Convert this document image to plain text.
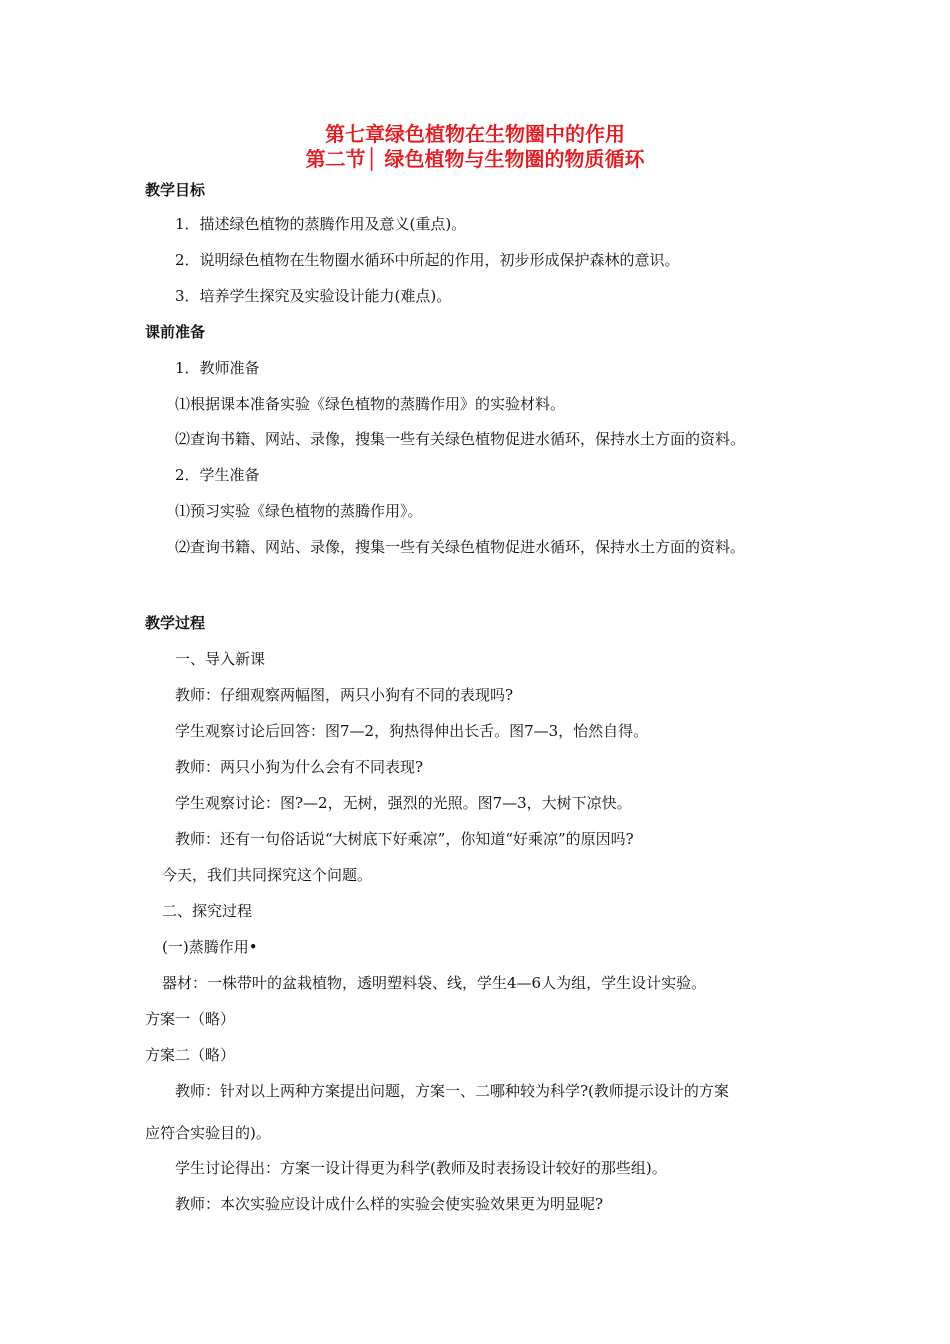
第七章绿色植物在生物圈中的作用
第二节│ 绿色植物与生物圈的物质循环
教学目标
1．描述绿色植物的蒸腾作用及意义(重点)。
2．说明绿色植物在生物圈水循环中所起的作用，初步形成保护森林的意识。
3．培养学生探究及实验设计能力(难点)。
课前准备
1．教师准备
⑴根据课本准备实验《绿色植物的蒸腾作用》的实验材料。
⑵查询书籍、网站、录像，搜集一些有关绿色植物促进水循环，保持水土方面的资料。
2．学生准备
⑴预习实验《绿色植物的蒸腾作用》。
⑵查询书籍、网站、录像，搜集一些有关绿色植物促进水循环，保持水土方面的资料。
教学过程
一、导入新课
教师：仔细观察两幅图，两只小狗有不同的表现吗?
学生观察讨论后回答：图7—2，狗热得伸出长舌。图7—3，怡然自得。
教师：两只小狗为什么会有不同表现?
学生观察讨论：图?—2，无树，强烈的光照。图7—3，大树下凉快。
教师：还有一句俗话说“大树底下好乘凉”，你知道“好乘凉”的原因吗?
今天，我们共同探究这个问题。
二、探究过程
(一)蒸腾作用•
器材：一株带叶的盆栽植物，透明塑料袋、线，学生4—6人为组，学生设计实验。
方案一（略）
方案二（略）
教师：针对以上两种方案提出问题，方案一、二哪种较为科学?(教师提示设计的方案
应符合实验目的)。
学生讨论得出：方案一设计得更为科学(教师及时表扬设计较好的那些组)。
教师：本次实验应设计成什么样的实验会使实验效果更为明显呢?
